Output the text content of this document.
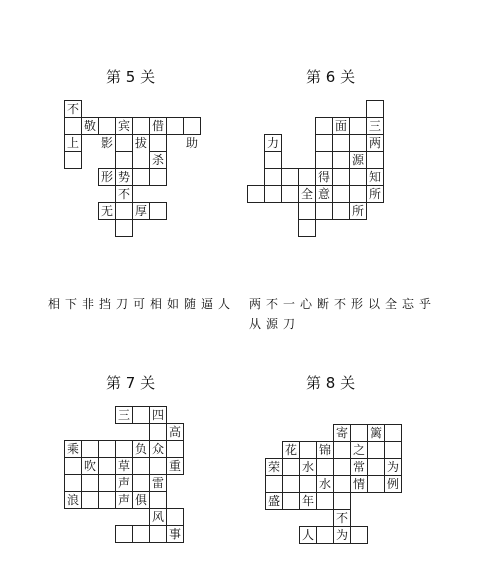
第 5 关	第 6 关
第 7 关	第 8 关
不
敬 宾 借
上 影 拔	助
杀
形 势
不
无 厚
面 三
力	两
源
得	知
全 意	所
所
三 四
高
乘	负 众
吹 草	重
声 雷
浪	声 俱
风
事
寄 篱
花 锦 之
荣 水	常 为
水 情 例
盛 年
不
人 为
相下非挡刀可相如随逼人 两不一心断不形以全忘乎从源刀
